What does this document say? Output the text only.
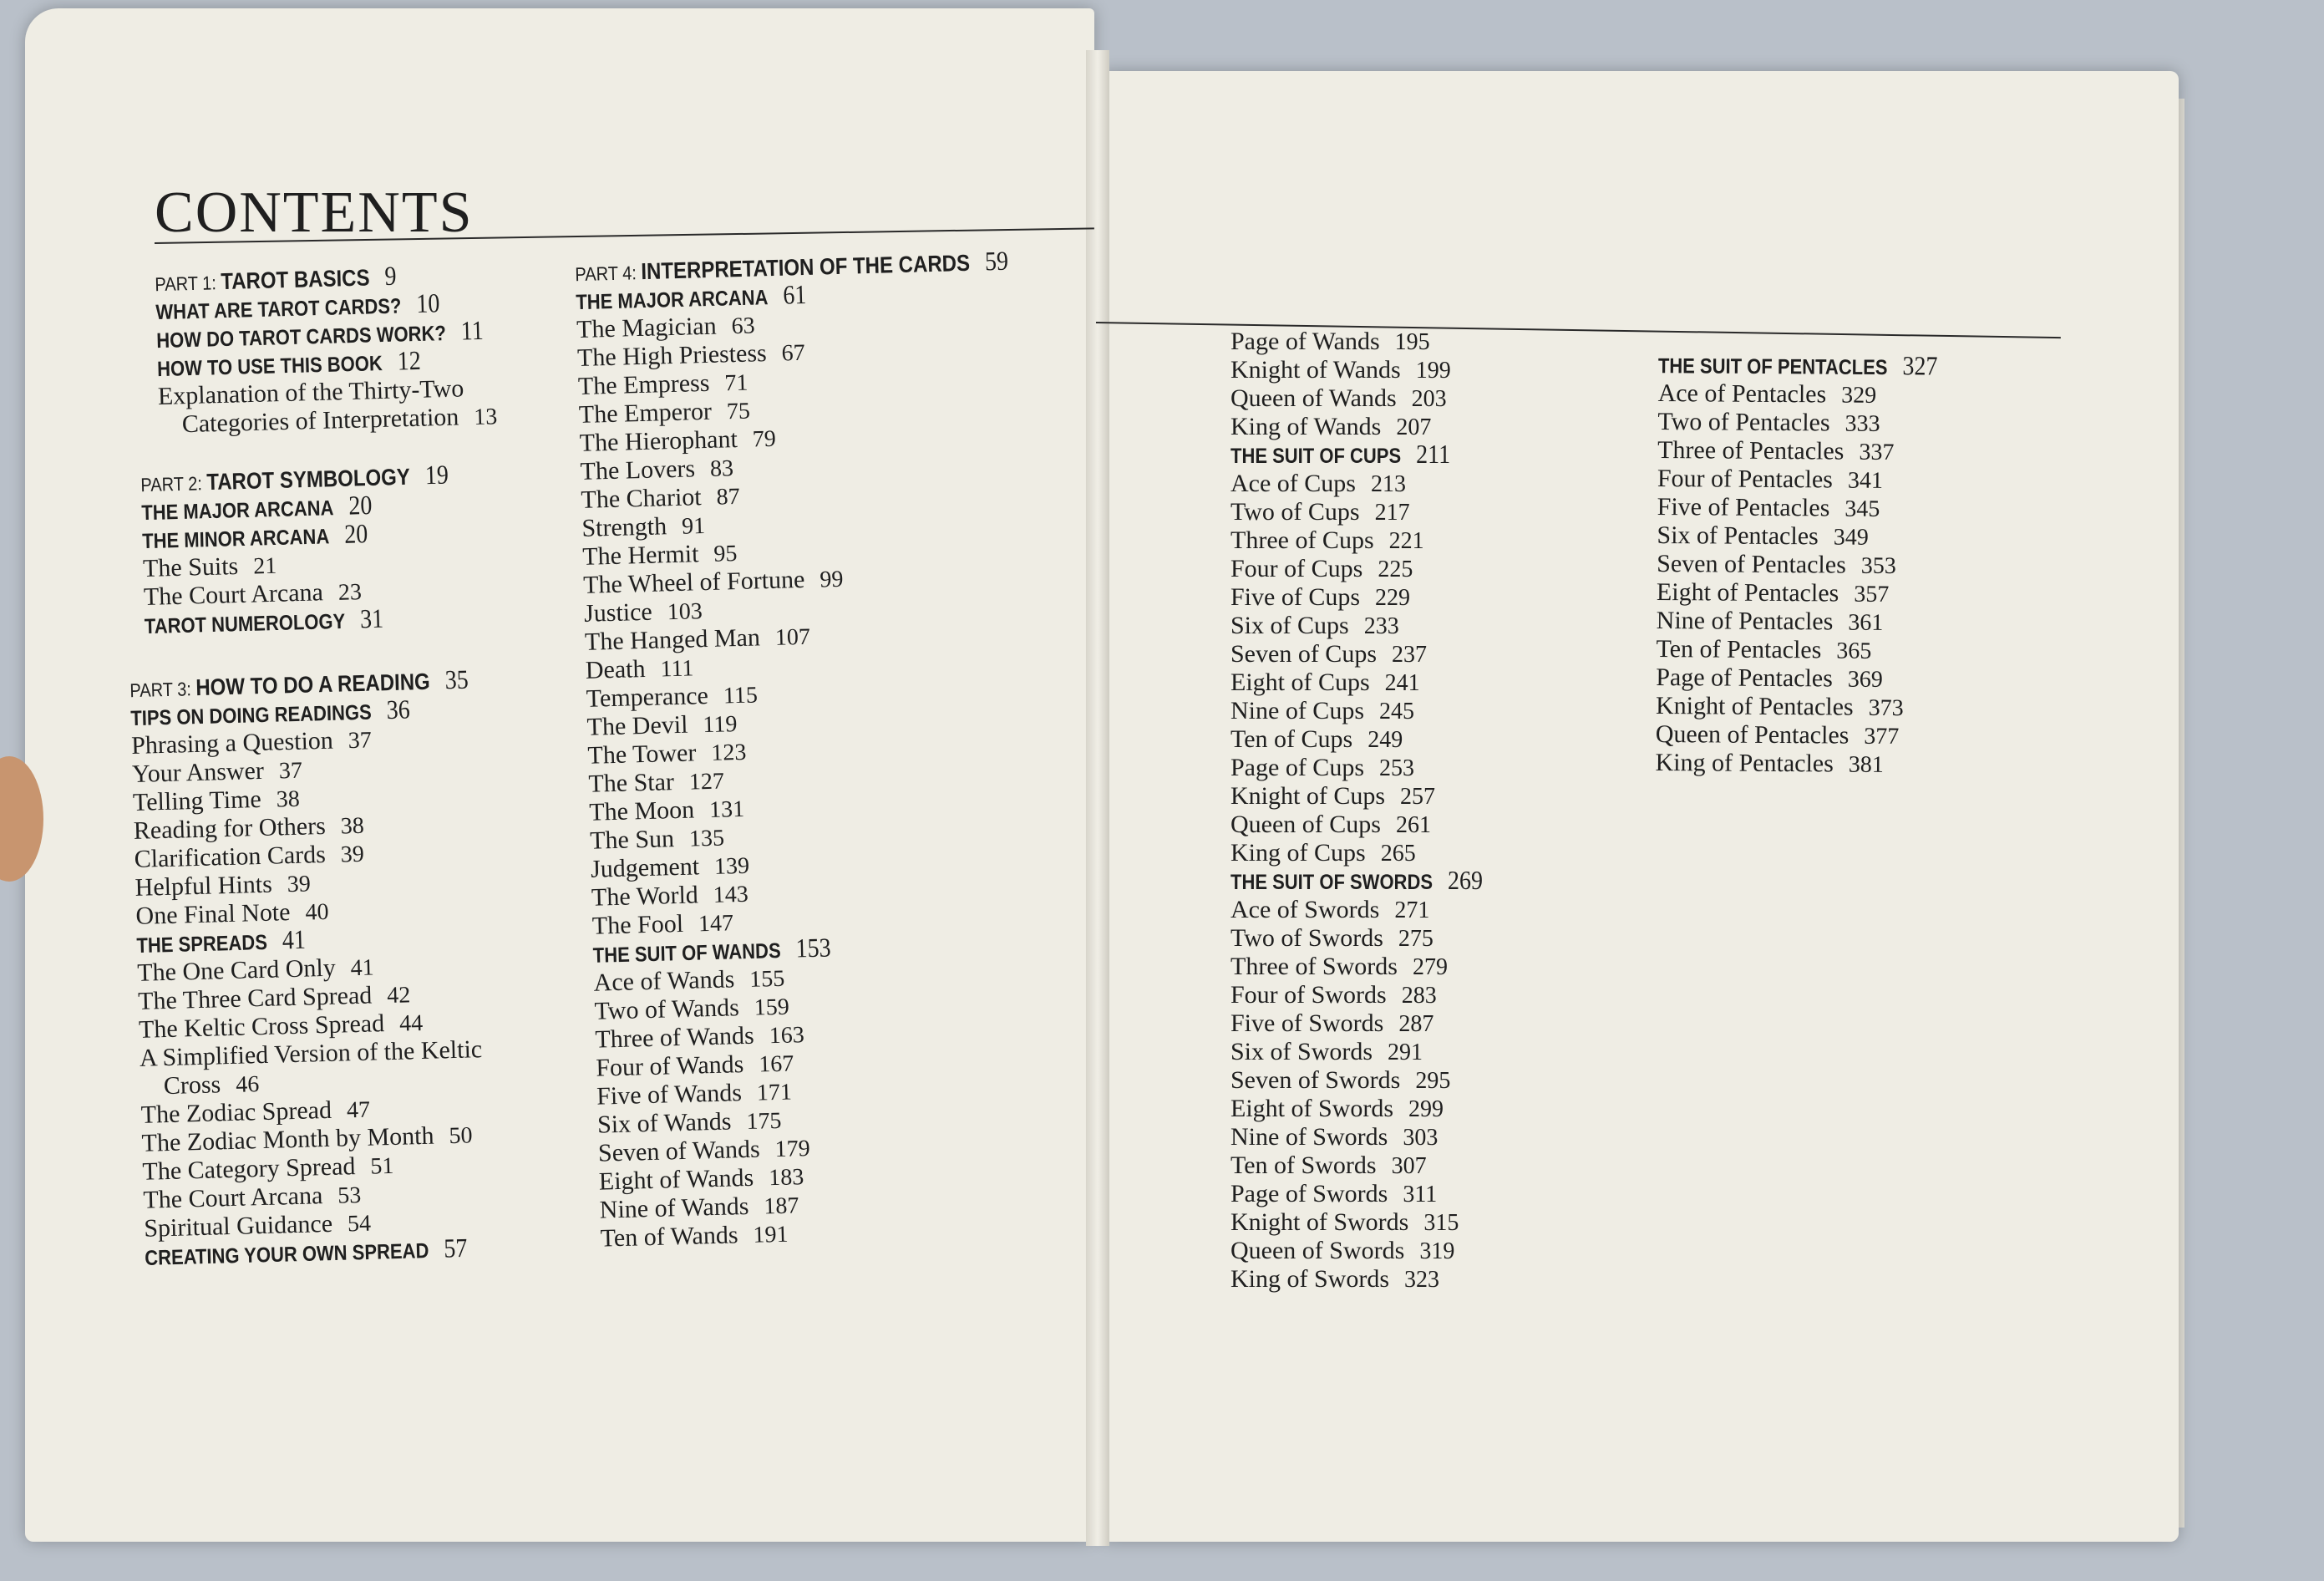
CONTENTS
PART 1: TAROT BASICS 9
WHAT ARE TAROT CARDS? 10
HOW DO TAROT CARDS WORK? 11
HOW TO USE THIS BOOK 12
Explanation of the Thirty-Two
Categories of Interpretation 13
PART 2: TAROT SYMBOLOGY 19
THE MAJOR ARCANA 20
THE MINOR ARCANA 20
The Suits 21
The Court Arcana 23
TAROT NUMEROLOGY 31
PART 3: HOW TO DO A READING 35
TIPS ON DOING READINGS 36
Phrasing a Question 37
Your Answer 37
Telling Time 38
Reading for Others 38
Clarification Cards 39
Helpful Hints 39
One Final Note 40
THE SPREADS 41
The One Card Only 41
The Three Card Spread 42
The Keltic Cross Spread 44
A Simplified Version of the Keltic
Cross 46
The Zodiac Spread 47
The Zodiac Month by Month 50
The Category Spread 51
The Court Arcana 53
Spiritual Guidance 54
CREATING YOUR OWN SPREAD 57
PART 4: INTERPRETATION OF THE CARDS 59
THE MAJOR ARCANA 61
The Magician 63
The High Priestess 67
The Empress 71
The Emperor 75
The Hierophant 79
The Lovers 83
The Chariot 87
Strength 91
The Hermit 95
The Wheel of Fortune 99
Justice 103
The Hanged Man 107
Death 111
Temperance 115
The Devil 119
The Tower 123
The Star 127
The Moon 131
The Sun 135
Judgement 139
The World 143
The Fool 147
THE SUIT OF WANDS 153
Ace of Wands 155
Two of Wands 159
Three of Wands 163
Four of Wands 167
Five of Wands 171
Six of Wands 175
Seven of Wands 179
Eight of Wands 183
Nine of Wands 187
Ten of Wands 191
Page of Wands 195
Knight of Wands 199
Queen of Wands 203
King of Wands 207
THE SUIT OF CUPS 211
Ace of Cups 213
Two of Cups 217
Three of Cups 221
Four of Cups 225
Five of Cups 229
Six of Cups 233
Seven of Cups 237
Eight of Cups 241
Nine of Cups 245
Ten of Cups 249
Page of Cups 253
Knight of Cups 257
Queen of Cups 261
King of Cups 265
THE SUIT OF SWORDS 269
Ace of Swords 271
Two of Swords 275
Three of Swords 279
Four of Swords 283
Five of Swords 287
Six of Swords 291
Seven of Swords 295
Eight of Swords 299
Nine of Swords 303
Ten of Swords 307
Page of Swords 311
Knight of Swords 315
Queen of Swords 319
King of Swords 323
THE SUIT OF PENTACLES 327
Ace of Pentacles 329
Two of Pentacles 333
Three of Pentacles 337
Four of Pentacles 341
Five of Pentacles 345
Six of Pentacles 349
Seven of Pentacles 353
Eight of Pentacles 357
Nine of Pentacles 361
Ten of Pentacles 365
Page of Pentacles 369
Knight of Pentacles 373
Queen of Pentacles 377
King of Pentacles 381
